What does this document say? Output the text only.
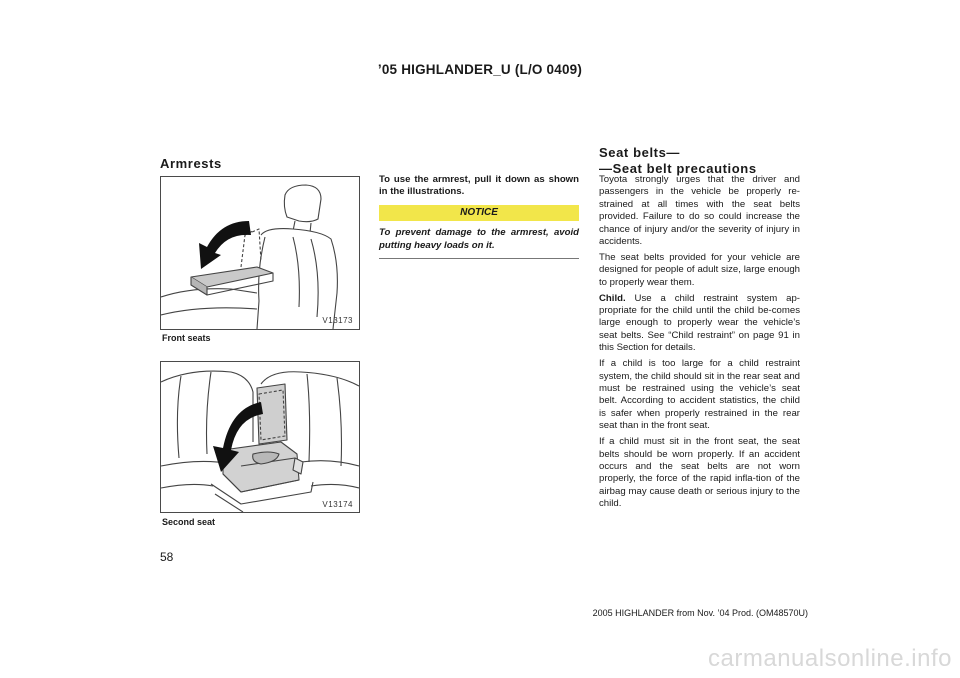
’05 HIGHLANDER_U (L/O 0409)
Armrests
V13173
Front seats
V13174
Second seat
To use the armrest, pull it down as shown in the illustrations.
NOTICE
To prevent damage to the armrest, avoid putting heavy loads on it.
Seat belts—
—Seat belt precautions

Toyota strongly urges that the driver and passengers in the vehicle be properly re-strained at all times with the seat belts provided. Failure to do so could increase the chance of injury and/or the severity of injury in accidents.

The seat belts provided for your vehicle are designed for people of adult size, large enough to properly wear them.

Child. Use a child restraint system ap-propriate for the child until the child be-comes large enough to properly wear the vehicle’s seat belts. See “Child restraint” on page 91 in this Section for details.

If a child is too large for a child restraint system, the child should sit in the rear seat and must be restrained using the vehicle’s seat belt. According to accident statistics, the child is safer when properly restrained in the rear seat than in the front seat.

If a child must sit in the front seat, the seat belts should be worn properly. If an accident occurs and the seat belts are not worn properly, the force of the rapid infla-tion of the airbag may cause death or serious injury to the child.

58
2005 HIGHLANDER from Nov. ’04 Prod. (OM48570U)
carmanualsonline.info
